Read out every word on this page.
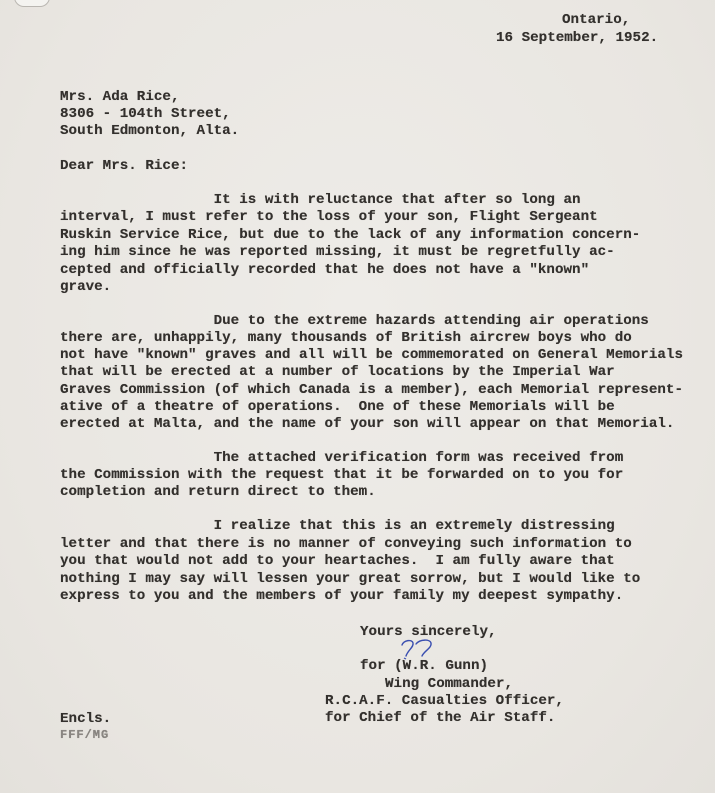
Ontario,
16 September, 1952.
Mrs. Ada Rice,
8306 - 104th Street,
South Edmonton, Alta.
Dear Mrs. Rice:
It is with reluctance that after so long an
interval, I must refer to the loss of your son, Flight Sergeant
Ruskin Service Rice, but due to the lack of any information concern-
ing him since he was reported missing, it must be regretfully ac-
cepted and officially recorded that he does not have a "known"
grave.
Due to the extreme hazards attending air operations
there are, unhappily, many thousands of British aircrew boys who do
not have "known" graves and all will be commemorated on General Memorials
that will be erected at a number of locations by the Imperial War
Graves Commission (of which Canada is a member), each Memorial represent-
ative of a theatre of operations.  One of these Memorials will be
erected at Malta, and the name of your son will appear on that Memorial.
The attached verification form was received from
the Commission with the request that it be forwarded on to you for
completion and return direct to them.
I realize that this is an extremely distressing
letter and that there is no manner of conveying such information to
you that would not add to your heartaches.  I am fully aware that
nothing I may say will lessen your great sorrow, but I would like to
express to you and the members of your family my deepest sympathy.
Yours sincerely,
for (W.R. Gunn)
Wing Commander,
R.C.A.F. Casualties Officer,
for Chief of the Air Staff.
Encls.
FFF/MG
